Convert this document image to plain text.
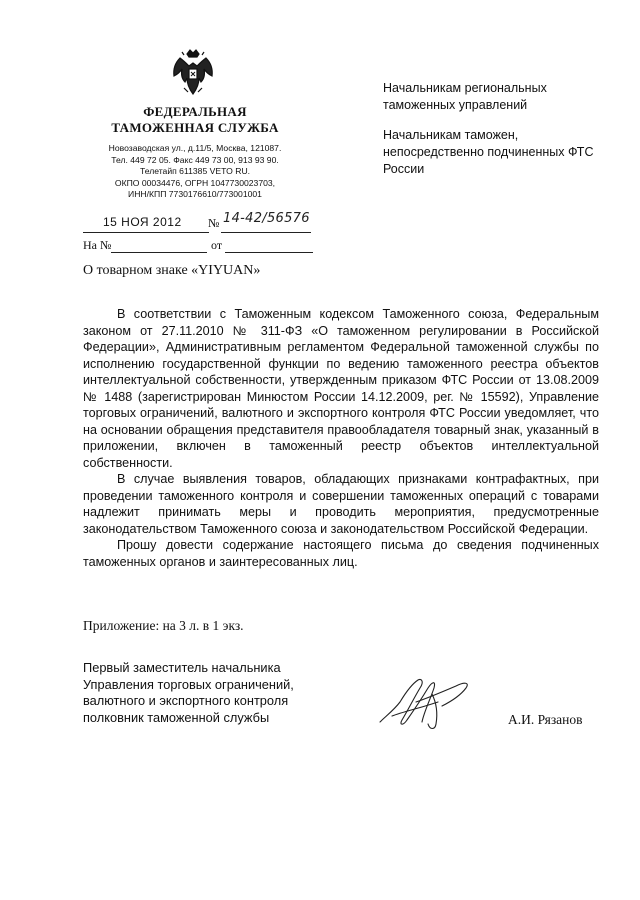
ФЕДЕРАЛЬНАЯ
ТАМОЖЕННАЯ СЛУЖБА
Новозаводская ул., д.11/5, Москва, 121087.
Тел. 449 72 05. Факс 449 73 00, 913 93 90.
Телетайп 611385 VETO RU.
ОКПО 00034476, ОГРН 1047730023703,
ИНН/КПП 7730176610/773001001
15 НОЯ 2012	№ 14-42/56576
На №	от

Начальникам региональных таможенных управлений

Начальникам таможен, непосредственно подчиненных ФТС России

О товарном знаке «YIYUAN»

В соответствии с Таможенным кодексом Таможенного союза, Федеральным законом от 27.11.2010 № 311-ФЗ «О таможенном регулировании в Российской Федерации», Административным регламентом Федеральной таможенной службы по исполнению государственной функции по ведению таможенного реестра объектов интеллектуальной собственности, утвержденным приказом ФТС России от 13.08.2009 № 1488 (зарегистрирован Минюстом России 14.12.2009, рег. № 15592), Управление торговых ограничений, валютного и экспортного контроля ФТС России уведомляет, что на основании обращения представителя правообладателя товарный знак, указанный в приложении, включен в таможенный реестр объектов интеллектуальной собственности.

В случае выявления товаров, обладающих признаками контрафактных, при проведении таможенного контроля и совершении таможенных операций с товарами надлежит принимать меры и проводить мероприятия, предусмотренные законодательством Таможенного союза и законодательством Российской Федерации.

Прошу довести содержание настоящего письма до сведения подчиненных таможенных органов и заинтересованных лиц.

Приложение: на 3 л. в 1 экз.
Первый заместитель начальника
Управления торговых ограничений,
валютного и экспортного контроля
полковник таможенной службы	А.И. Рязанов
